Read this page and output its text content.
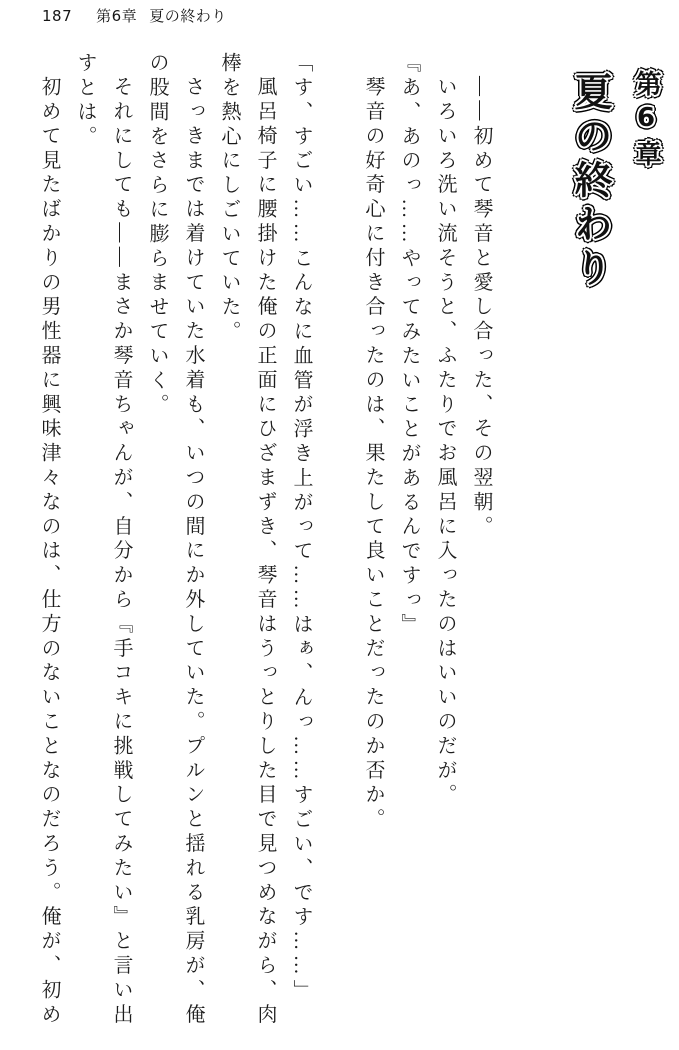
187 第6章 夏の終わり
第6章
夏の終わり

――初めて琴音と愛し合った、その翌朝。

いろいろ洗い流そうと、ふたりでお風呂に入ったのはいいのだが。

『あ、あのっ……やってみたいことがあるんですっ』

琴音の好奇心に付き合ったのは、果たして良いことだったのか否か。

「す、すごい……こんなに血管が浮き上がって……はぁ、んっ……すごい、です……」

風呂椅子に腰掛けた俺の正面にひざまずき、琴音はうっとりした目で見つめながら、肉棒を熱心にしごいていた。

さっきまでは着けていた水着も、いつの間にか外していた。プルンと揺れる乳房が、俺の股間をさらに膨らませていく。

それにしても――まさか琴音ちゃんが、自分から『手コキに挑戦してみたい』と言い出すとは。

初めて見たばかりの男性器に興味津々なのは、仕方のないことなのだろう。俺が、初め
